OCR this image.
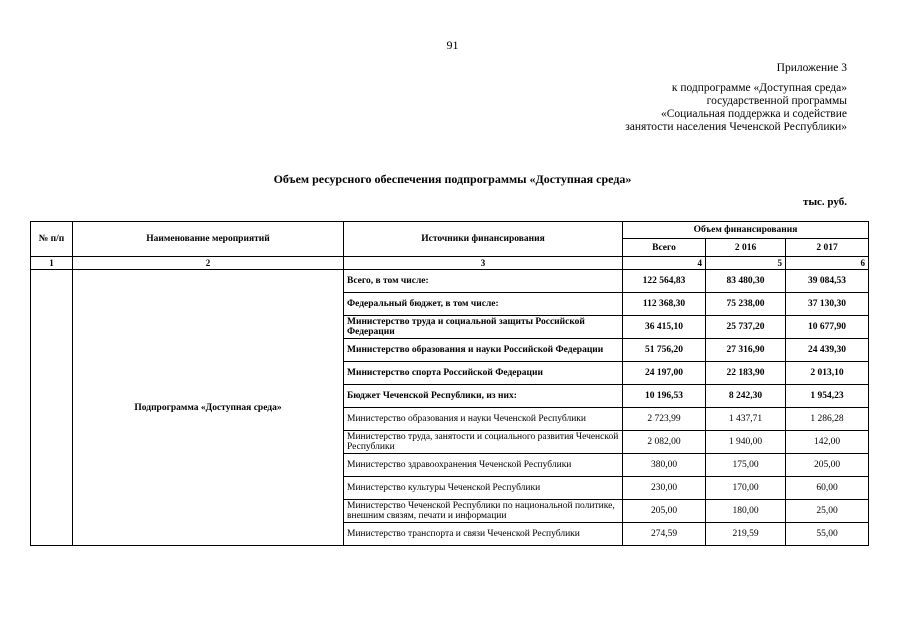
91
Приложение 3
к подпрограмме «Доступная среда»
государственной программы
«Социальная поддержка и содействие
занятости населения Чеченской Республики»
Объем ресурсного обеспечения подпрограммы «Доступная среда»
тыс. руб.
№ п/п	Наименование мероприятий	Источники финансирования	Объем финансирования		
			Всего	2 016	2 017
1	2	3	4	5	6
	Подпрограмма «Доступная среда»	Всего, в том числе:	122 564,83	83 480,30	39 084,53
		Федеральный бюджет, в том числе:	112 368,30	75 238,00	37 130,30
		Министерство труда и социальной защиты Российской Федерации	36 415,10	25 737,20	10 677,90
		Министерство образования и науки Российской Федерации	51 756,20	27 316,90	24 439,30
		Министерство спорта Российской Федерации	24 197,00	22 183,90	2 013,10
		Бюджет Чеченской Республики, из них:	10 196,53	8 242,30	1 954,23
		Министерство образования и науки Чеченской Республики	2 723,99	1 437,71	1 286,28
		Министерство труда, занятости и социального развития Чеченской Республики	2 082,00	1 940,00	142,00
		Министерство здравоохранения Чеченской Республики	380,00	175,00	205,00
		Министерство культуры Чеченской Республики	230,00	170,00	60,00
		Министерство Чеченской Республики по национальной политике, внешним связям, печати и информации	205,00	180,00	25,00
		Министерство транспорта и связи Чеченской Республики	274,59	219,59	55,00
